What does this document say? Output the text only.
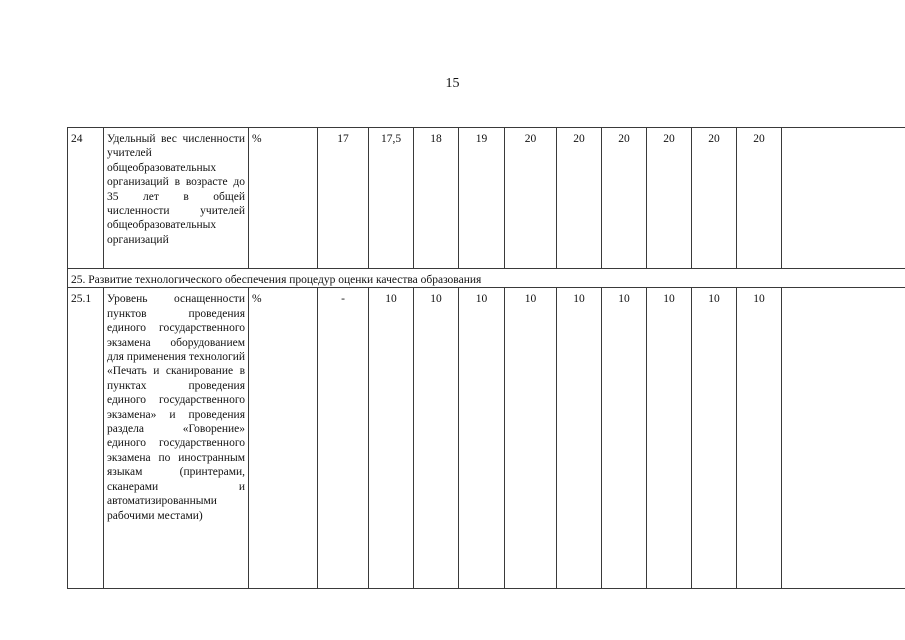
15
24	Удельный вес численности учителей общеобразовательных организаций в возрасте до 35 лет в общей численности учителей общеобразовательных организаций	%	17	17,5	18	19	20	20	20	20	20	20	
25. Развитие технологического обеспечения процедур оценки качества образования													
25.1	Уровень оснащенности пунктов проведения единого государственного экзамена оборудованием для применения технологий «Печать и сканирование в пунктах проведения единого государственного экзамена» и проведения раздела «Говорение» единого государственного экзамена по иностранным языкам (принтерами, сканерами и автоматизированными рабочими местами)	%	-	10	10	10	10	10	10	10	10	10	
